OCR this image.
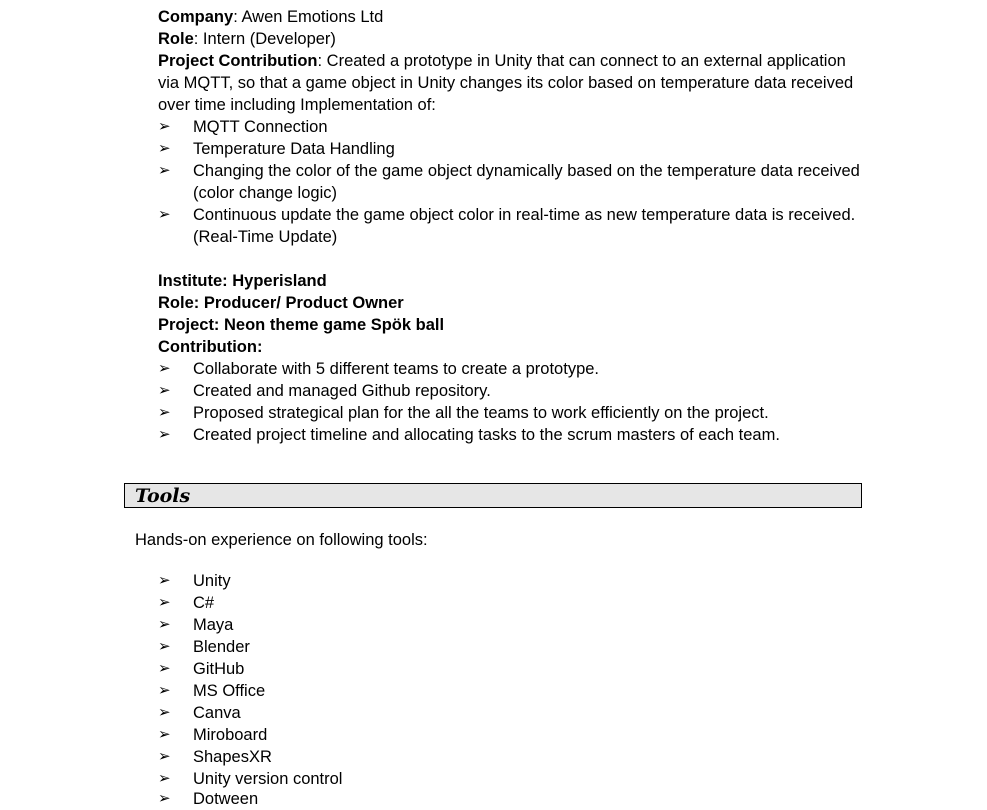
Company: Awen Emotions Ltd
Role: Intern (Developer)
Project Contribution: Created a prototype in Unity that can connect to an external application
via MQTT, so that a game object in Unity changes its color based on temperature data received
over time including Implementation of:
➢	MQTT Connection
➢	Temperature Data Handling
➢	Changing the color of the game object dynamically based on the temperature data received
(color change logic)
➢	Continuous update the game object color in real-time as new temperature data is received.
(Real-Time Update)
Institute: Hyperisland
Role: Producer/ Product Owner
Project: Neon theme game Spök ball
Contribution:
➢	Collaborate with 5 different teams to create a prototype.
➢	Created and managed Github repository.
➢	Proposed strategical plan for the all the teams to work efficiently on the project.
➢	Created project timeline and allocating tasks to the scrum masters of each team.
Tools
Hands-on experience on following tools:
➢	Unity
➢	C#
➢	Maya
➢	Blender
➢	GitHub
➢	MS Office
➢	Canva
➢	Miroboard
➢	ShapesXR
➢	Unity version control
➢	Dotween
